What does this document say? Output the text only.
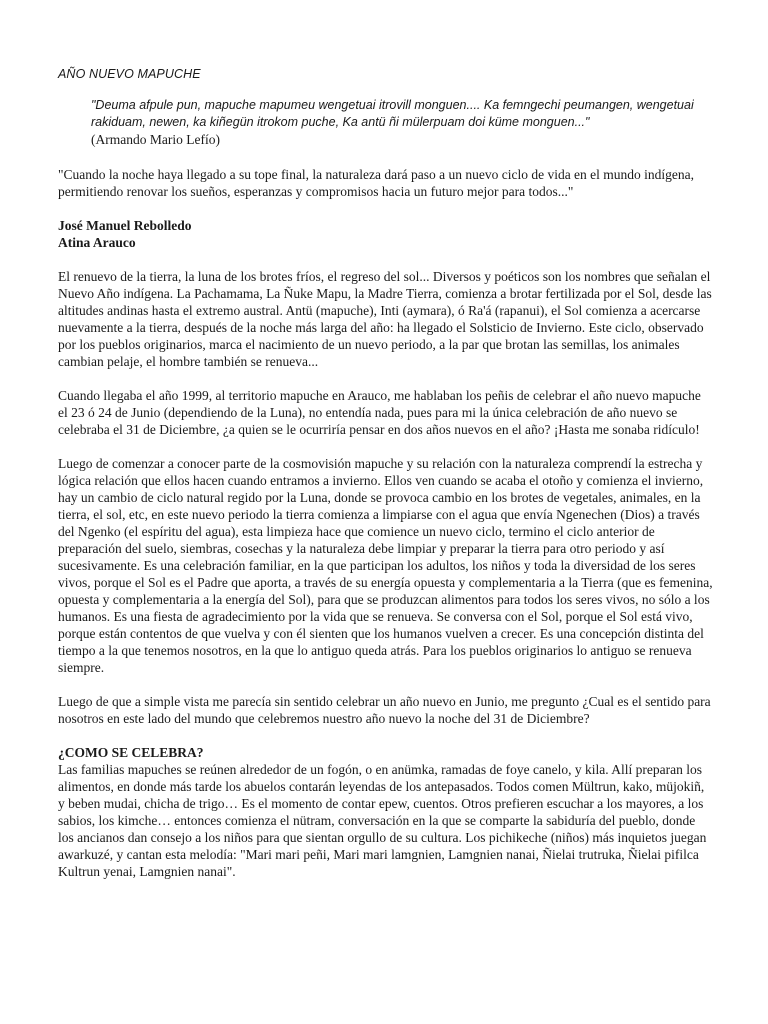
AÑO NUEVO MAPUCHE

"Deuma afpule pun, mapuche mapumeu wengetuai itrovill monguen.... Ka femngechi peumangen, wengetuai rakiduam, newen, ka kiñegün itrokom puche, Ka antü ñi mülerpuam doi küme monguen..."

(Armando Mario Lefío)

"Cuando la noche haya llegado a su tope final, la naturaleza dará paso a un nuevo ciclo de vida en el mundo indígena, permitiendo renovar los sueños, esperanzas y compromisos hacia un futuro mejor para todos..."

José Manuel Rebolledo
Atina Arauco

El renuevo de la tierra, la luna de los brotes fríos, el regreso del sol... Diversos y poéticos son los nombres que señalan el Nuevo Año indígena. La Pachamama, La Ñuke Mapu, la Madre Tierra, comienza a brotar fertilizada por el Sol, desde las altitudes andinas hasta el extremo austral. Antü (mapuche), Inti (aymara), ó Ra'á (rapanui), el Sol comienza a acercarse nuevamente a la tierra, después de la noche más larga del año: ha llegado el Solsticio de Invierno. Este ciclo, observado por los pueblos originarios, marca el nacimiento de un nuevo periodo, a la par que brotan las semillas, los animales cambian pelaje, el hombre también se renueva...

Cuando llegaba el año 1999, al territorio mapuche en Arauco, me hablaban los peñis de celebrar el año nuevo mapuche el 23 ó 24 de Junio (dependiendo de la Luna), no entendía nada, pues para mi la única celebración de año nuevo se celebraba el 31 de Diciembre, ¿a quien se le ocurriría pensar en dos años nuevos en el año? ¡Hasta me sonaba ridículo!

Luego de comenzar a conocer parte de la cosmovisión mapuche y su relación con la naturaleza comprendí la estrecha y lógica relación que ellos hacen cuando entramos a invierno. Ellos ven cuando se acaba el otoño y comienza el invierno, hay un cambio de ciclo natural regido por la Luna, donde se provoca cambio en los brotes de vegetales, animales, en la tierra, el sol, etc, en este nuevo periodo la tierra comienza a limpiarse con el agua que envía Ngenechen (Dios) a través del Ngenko (el espíritu del agua), esta limpieza hace que comience un nuevo ciclo, termino el ciclo anterior de preparación del suelo, siembras, cosechas y la naturaleza debe limpiar y preparar la tierra para otro periodo y así sucesivamente. Es una celebración familiar, en la que participan los adultos, los niños y toda la diversidad de los seres vivos, porque el Sol es el Padre que aporta, a través de su energía opuesta y complementaria a la Tierra (que es femenina, opuesta y complementaria a la energía del Sol), para que se produzcan alimentos para todos los seres vivos, no sólo a los humanos. Es una fiesta de agradecimiento por la vida que se renueva. Se conversa con el Sol, porque el Sol está vivo, porque están contentos de que vuelva y con él sienten que los humanos vuelven a crecer. Es una concepción distinta del tiempo a la que tenemos nosotros, en la que lo antiguo queda atrás. Para los pueblos originarios lo antiguo se renueva siempre.

Luego de que a simple vista me parecía sin sentido celebrar un año nuevo en Junio, me pregunto ¿Cual es el sentido para nosotros en este lado del mundo que celebremos nuestro año nuevo la noche del 31 de Diciembre?

¿COMO SE CELEBRA?

Las familias mapuches se reúnen alrededor de un fogón, o en anümka, ramadas de foye canelo, y kila. Allí preparan los alimentos, en donde más tarde los abuelos contarán leyendas de los antepasados. Todos comen Mültrun, kako, müjokiñ, y beben mudai, chicha de trigo… Es el momento de contar epew, cuentos. Otros prefieren escuchar a los mayores, a los sabios, los kimche… entonces comienza el nütram, conversación en la que se comparte la sabiduría del pueblo, donde los ancianos dan consejo a los niños para que sientan orgullo de su cultura. Los pichikeche (niños) más inquietos juegan awarkuzé, y cantan esta melodía: "Mari mari peñi, Mari mari lamgnien, Lamgnien nanai, Ñielai trutruka, Ñielai pifilca Kultrun yenai, Lamgnien nanai".
